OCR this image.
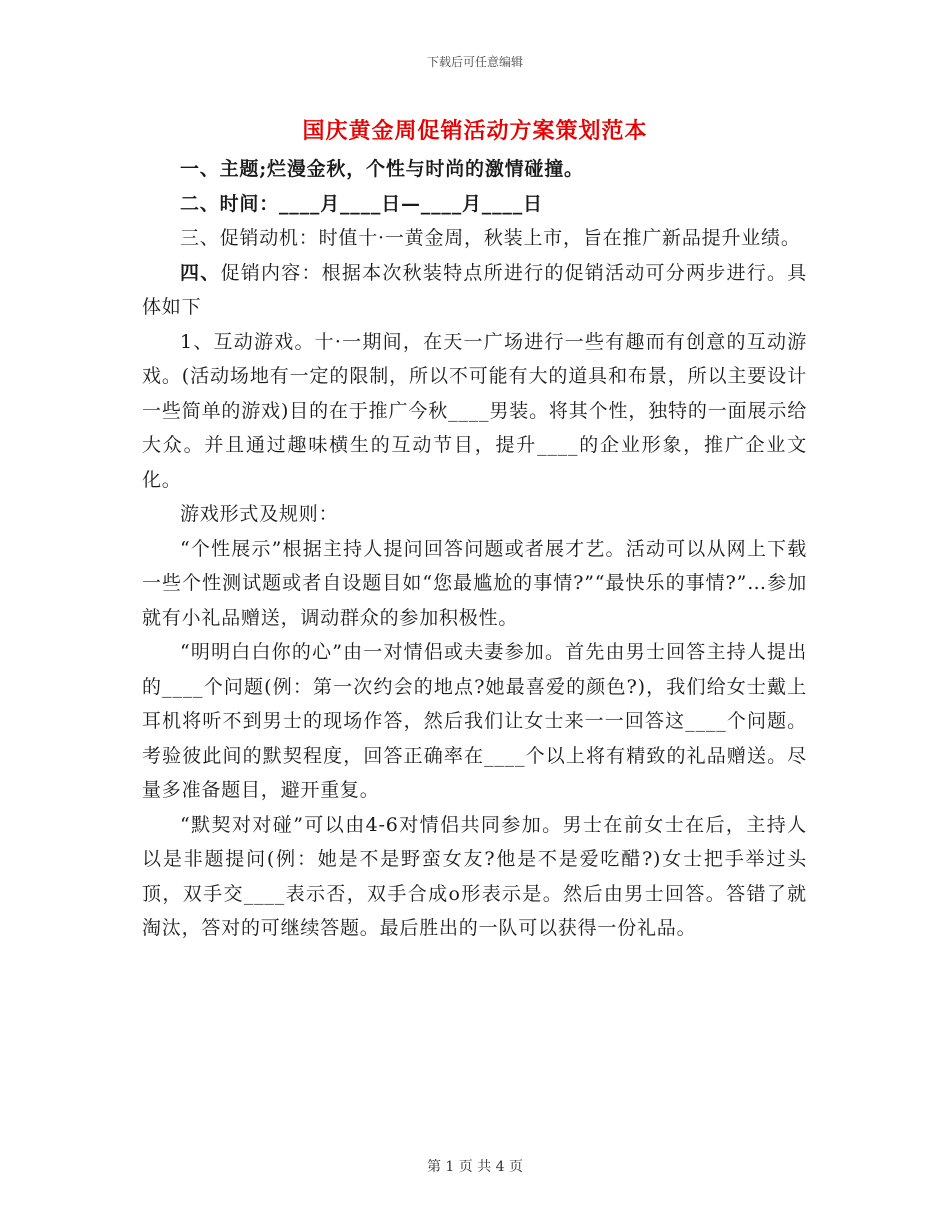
下载后可任意编辑
国庆黄金周促销活动方案策划范本

一、主题;烂漫金秋，个性与时尚的激情碰撞。

二、时间：____月____日—____月____日

三、促销动机：时值十·一黄金周，秋装上市，旨在推广新品提升业绩。

四、促销内容：根据本次秋装特点所进行的促销活动可分两步进行。具体如下

1、互动游戏。十·一期间，在天一广场进行一些有趣而有创意的互动游戏。(活动场地有一定的限制，所以不可能有大的道具和布景，所以主要设计一些简单的游戏)目的在于推广今秋____男装。将其个性，独特的一面展示给大众。并且通过趣味横生的互动节目，提升____的企业形象，推广企业文化。

游戏形式及规则：

“个性展示”根据主持人提问回答问题或者展才艺。活动可以从网上下载一些个性测试题或者自设题目如“您最尴尬的事情?”“最快乐的事情?”…参加就有小礼品赠送，调动群众的参加积极性。

“明明白白你的心”由一对情侣或夫妻参加。首先由男士回答主持人提出的____个问题(例：第一次约会的地点?她最喜爱的颜色?)，我们给女士戴上耳机将听不到男士的现场作答，然后我们让女士来一一回答这____个问题。考验彼此间的默契程度，回答正确率在____个以上将有精致的礼品赠送。尽量多准备题目，避开重复。

“默契对对碰”可以由4-6对情侣共同参加。男士在前女士在后，主持人以是非题提问(例：她是不是野蛮女友?他是不是爱吃醋?)女士把手举过头顶，双手交____表示否，双手合成o形表示是。然后由男士回答。答错了就淘汰，答对的可继续答题。最后胜出的一队可以获得一份礼品。

第 1 页 共 4 页
